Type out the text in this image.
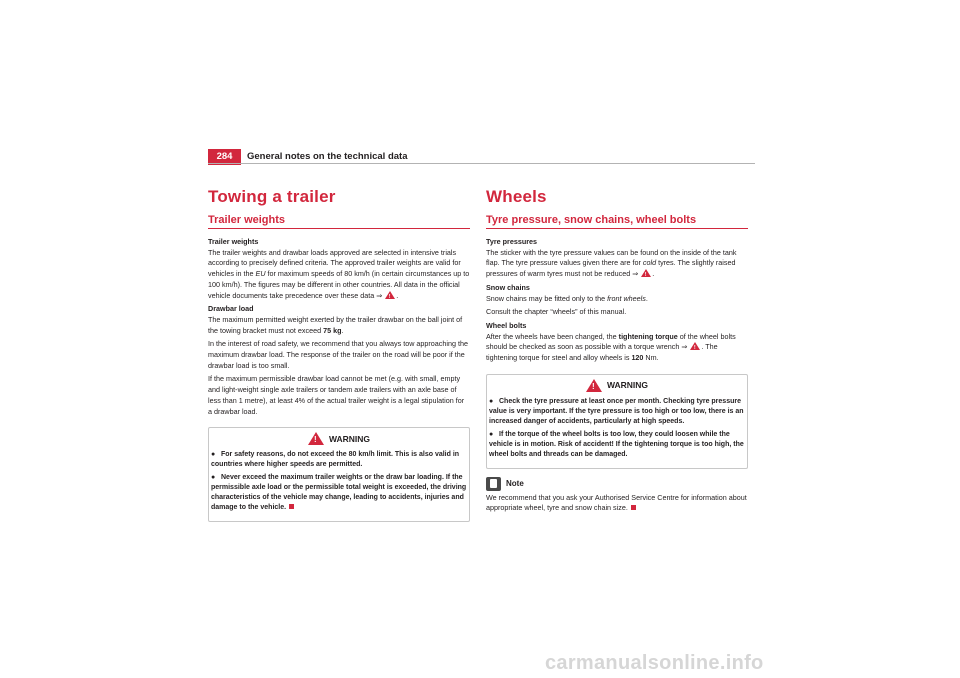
284	General notes on the technical data
Towing a trailer
Trailer weights
Trailer weights

The trailer weights and drawbar loads approved are selected in intensive trials according to precisely defined criteria. The approved trailer weights are valid for vehicles in the EU for maximum speeds of 80 km/h (in certain circumstances up to 100 km/h). The figures may be different in other countries. All data in the official vehicle documents take precedence over these data ⇒ !.

Drawbar load

The maximum permitted weight exerted by the trailer drawbar on the ball joint of the towing bracket must not exceed 75 kg.

In the interest of road safety, we recommend that you always tow approaching the maximum drawbar load. The response of the trailer on the road will be poor if the drawbar load is too small.

If the maximum permissible drawbar load cannot be met (e.g. with small, empty and light-weight single axle trailers or tandem axle trailers with an axle base of less than 1 metre), at least 4% of the actual trailer weight is a legal stipulation for a drawbar load.

!
WARNING
● For safety reasons, do not exceed the 80 km/h limit. This is also valid in countries where higher speeds are permitted.
● Never exceed the maximum trailer weights or the draw bar loading. If the permissible axle load or the permissible total weight is exceeded, the driving characteristics of the vehicle may change, leading to accidents, injuries and damage to the vehicle.
Wheels
Tyre pressure, snow chains, wheel bolts
Tyre pressures

The sticker with the tyre pressure values can be found on the inside of the tank flap. The tyre pressure values given there are for cold tyres. The slightly raised pressures of warm tyres must not be reduced ⇒ !.

Snow chains

Snow chains may be fitted only to the front wheels.

Consult the chapter “wheels” of this manual.

Wheel bolts

After the wheels have been changed, the tightening torque of the wheel bolts should be checked as soon as possible with a torque wrench ⇒ !. The tightening torque for steel and alloy wheels is 120 Nm.

!
WARNING
● Check the tyre pressure at least once per month. Checking tyre pressure value is very important. If the tyre pressure is too high or too low, there is an increased danger of accidents, particularly at high speeds.
● If the torque of the wheel bolts is too low, they could loosen while the vehicle is in motion. Risk of accident! If the tightening torque is too high, the wheel bolts and threads can be damaged.
Note
We recommend that you ask your Authorised Service Centre for information about appropriate wheel, tyre and snow chain size.
carmanualsonline.info
